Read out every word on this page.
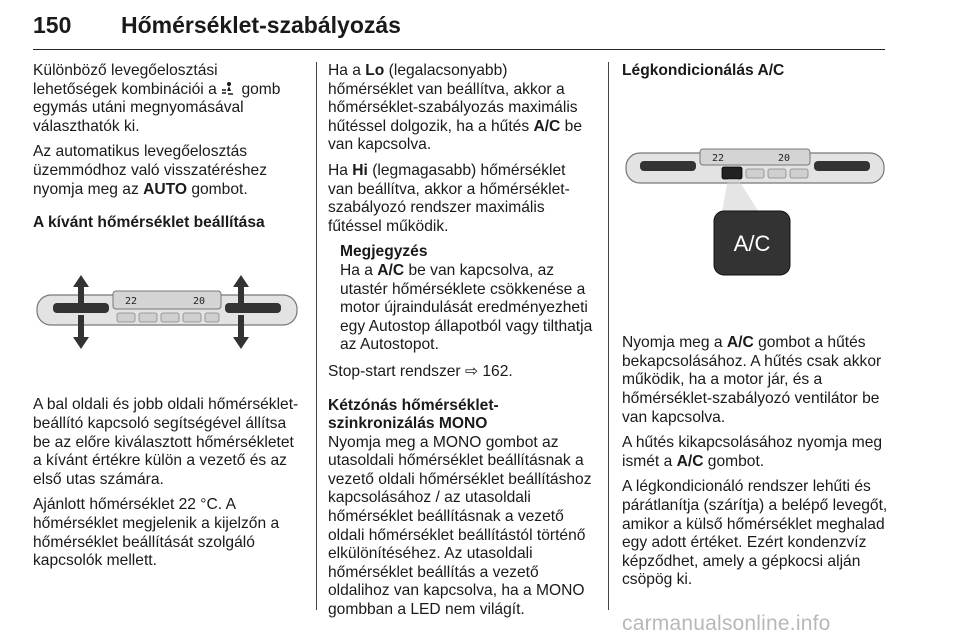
150 Hőmérséklet-szabályozás

Különböző levegőelosztási lehetőségek kombinációi a  gomb egymás utáni megnyomásával választhatók ki.

Az automatikus levegőelosztás üzemmódhoz való visszatéréshez nyomja meg az AUTO gombot.

A kívánt hőmérséklet beállítása

22	20

A bal oldali és jobb oldali hőmérséklet-beállító kapcsoló segítségével állítsa be az előre kiválasztott hőmérsékletet a kívánt értékre külön a vezető és az első utas számára.

Ajánlott hőmérséklet 22 °C. A hőmérséklet megjelenik a kijelzőn a hőmérséklet beállítását szolgáló kapcsolók mellett.

Ha a Lo (legalacsonyabb) hőmérséklet van beállítva, akkor a hőmérséklet-szabályozás maximális hűtéssel dolgozik, ha a hűtés A/C be van kapcsolva.

Ha Hi (legmagasabb) hőmérséklet van beállítva, akkor a hőmérséklet-szabályozó rendszer maximális fűtéssel működik.

Megjegyzés
Ha a A/C be van kapcsolva, az utastér hőmérséklete csökkenése a motor újraindulását eredményezheti egy Autostop állapotból vagy tilthatja az Autostopot.

Stop-start rendszer ⇨ 162.

Kétzónás hőmérséklet-szinkronizálás MONO

Nyomja meg a MONO gombot az utasoldali hőmérséklet beállításnak a vezető oldali hőmérséklet beállításhoz kapcsolásához / az utasoldali hőmérséklet beállításnak a vezető oldali hőmérséklet beállítástól történő elkülönítéséhez. Az utasoldali hőmérséklet beállítás a vezető oldalihoz van kapcsolva, ha a MONO gombban a LED nem világít.

Légkondicionálás A/C

22	20
A/C

Nyomja meg a A/C gombot a hűtés bekapcsolásához. A hűtés csak akkor működik, ha a motor jár, és a hőmérséklet-szabályozó ventilátor be van kapcsolva.

A hűtés kikapcsolásához nyomja meg ismét a A/C gombot.

A légkondicionáló rendszer lehűti és párátlanítja (szárítja) a belépő levegőt, amikor a külső hőmérséklet meghalad egy adott értéket. Ezért kondenzvíz képződhet, amely a gépkocsi alján csöpög ki.

carmanualsonline.info
